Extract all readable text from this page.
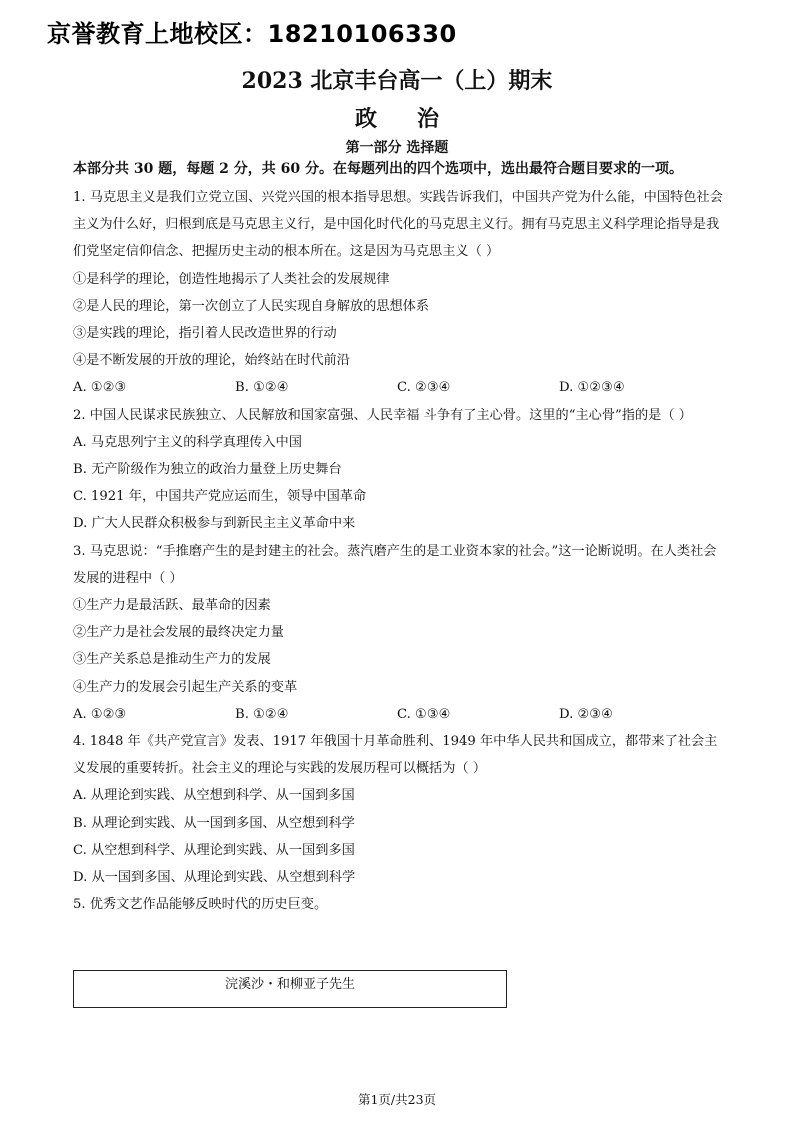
京誉教育上地校区：18210106330
2023 北京丰台高一（上）期末
政治
第一部分 选择题
本部分共 30 题，每题 2 分，共 60 分。在每题列出的四个选项中，选出最符合题目要求的一项。
1. 马克思主义是我们立党立国、兴党兴国的根本指导思想。实践告诉我们，中国共产党为什么能，中国特色社会主义为什么好，归根到底是马克思主义行，是中国化时代化的马克思主义行。拥有马克思主义科学理论指导是我们党坚定信仰信念、把握历史主动的根本所在。这是因为马克思主义（ ）
①是科学的理论，创造性地揭示了人类社会的发展规律
②是人民的理论，第一次创立了人民实现自身解放的思想体系
③是实践的理论，指引着人民改造世界的行动
④是不断发展的开放的理论，始终站在时代前沿
A. ①②③	B. ①②④	C. ②③④	D. ①②③④
2. 中国人民谋求民族独立、人民解放和国家富强、人民幸福 斗争有了主心骨。这里的“主心骨”指的是（ ）
A. 马克思列宁主义的科学真理传入中国
B. 无产阶级作为独立的政治力量登上历史舞台
C. 1921 年，中国共产党应运而生，领导中国革命
D. 广大人民群众积极参与到新民主主义革命中来
3. 马克思说：“手推磨产生的是封建主的社会。蒸汽磨产生的是工业资本家的社会。”这一论断说明。在人类社会发展的进程中（ ）
①生产力是最活跃、最革命的因素
②生产力是社会发展的最终决定力量
③生产关系总是推动生产力的发展
④生产力的发展会引起生产关系的变革
A. ①②③	B. ①②④	C. ①③④	D. ②③④
4. 1848 年《共产党宣言》发表、1917 年俄国十月革命胜利、1949 年中华人民共和国成立，都带来了社会主义发展的重要转折。社会主义的理论与实践的发展历程可以概括为（ ）
A. 从理论到实践、从空想到科学、从一国到多国
B. 从理论到实践、从一国到多国、从空想到科学
C. 从空想到科学、从理论到实践、从一国到多国
D. 从一国到多国、从理论到实践、从空想到科学
5. 优秀文艺作品能够反映时代的历史巨变。
浣溪沙・和柳亚子先生
第1页/共23页
